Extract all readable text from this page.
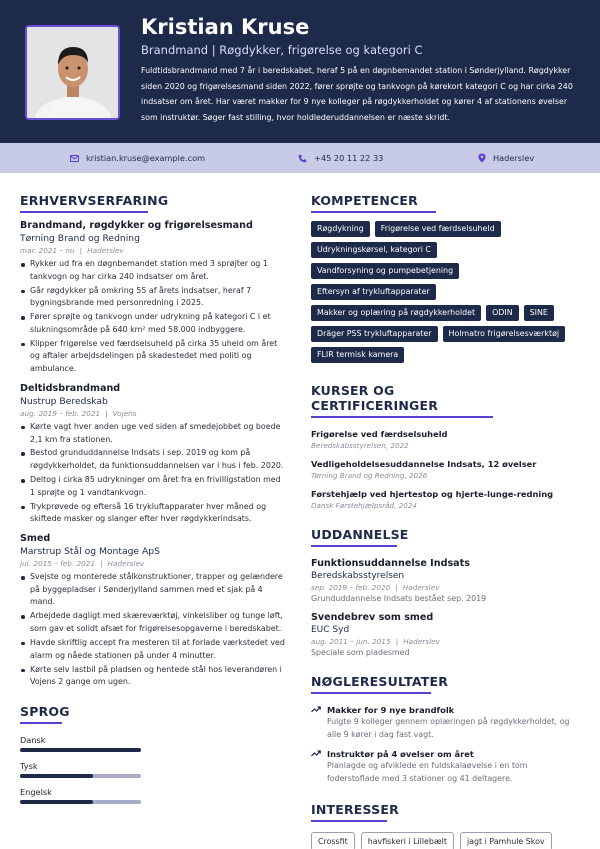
Kristian Kruse
Brandmand | Røgdykker, frigørelse og kategori C
Fuldtidsbrandmand med 7 år i beredskabet, heraf 5 på en døgnbemandet station i Sønderjylland. Røgdykker siden 2020 og frigørelsesmand siden 2022, fører sprøjte og tankvogn på kørekort kategori C og har cirka 240 indsatser om året. Har været makker for 9 nye kolleger på røgdykkerholdet og kører 4 af stationens øvelser som instruktør. Søger fast stilling, hvor holdlederuddannelsen er næste skridt.
kristian.kruse@example.com	+45 20 11 22 33	Haderslev
ERHVERVSERFARING
Brandmand, røgdykker og frigørelsesmand
Tørning Brand og Redning
mar. 2021 – nu | Haderslev
Rykker ud fra en døgnbemandet station med 3 sprøjter og 1 tankvogn og har cirka 240 indsatser om året.
Går røgdykker på omkring 55 af årets indsatser, heraf 7 bygningsbrande med personredning i 2025.
Fører sprøjte og tankvogn under udrykning på kategori C i et slukningsområde på 640 km² med 58.000 indbyggere.
Klipper frigørelse ved færdselsuheld på cirka 35 uheld om året og aftaler arbejdsdelingen på skadestedet med politi og ambulance.
Deltidsbrandmand
Nustrup Beredskab
aug. 2019 – feb. 2021 | Vojens
Kørte vagt hver anden uge ved siden af smedejobbet og boede 2,1 km fra stationen.
Bestod grunduddannelse Indsats i sep. 2019 og kom på røgdykkerholdet, da funktionsuddannelsen var i hus i feb. 2020.
Deltog i cirka 85 udrykninger om året fra en frivilligstation med 1 sprøjte og 1 vandtankvogn.
Trykprøvede og efterså 16 trykluftapparater hver måned og skiftede masker og slanger efter hver røgdykkerindsats.
Smed
Marstrup Stål og Montage ApS
jul. 2015 – feb. 2021 | Haderslev
Svejste og monterede stålkonstruktioner, trapper og gelændere på byggepladser i Sønderjylland sammen med et sjak på 4 mand.
Arbejdede dagligt med skæreværktøj, vinkelsliber og tunge løft, som gav et solidt afsæt for frigørelsesopgaverne i beredskabet.
Havde skriftlig accept fra mesteren til at forlade værkstedet ved alarm og nåede stationen på under 4 minutter.
Kørte selv lastbil på pladsen og hentede stål hos leverandøren i Vojens 2 gange om ugen.
SPROG
Dansk
Tysk
Engelsk
KOMPETENCER
Røgdykning	Frigørelse ved færdselsuheld
Udrykningskørsel, kategori C
Vandforsyning og pumpebetjening
Eftersyn af trykluftapparater
Makker og oplæring på røgdykkerholdet	ODIN	SINE
Dräger PSS trykluftapparater	Holmatro frigørelsesværktøj
FLIR termisk kamera
KURSER OG CERTIFICERINGER
Frigørelse ved færdselsuheld
Beredskabsstyrelsen, 2022
Vedligeholdelsesuddannelse Indsats, 12 øvelser
Tørning Brand og Redning, 2026
Førstehjælp ved hjertestop og hjerte-lunge-redning
Dansk Førstehjælpsråd, 2024
UDDANNELSE
Funktionsuddannelse Indsats
Beredskabsstyrelsen
sep. 2019 – feb. 2020 | Haderslev
Grunduddannelse Indsats bestået sep. 2019
Svendebrev som smed
EUC Syd
aug. 2011 – jun. 2015 | Haderslev
Speciale som pladesmed
NØGLERESULTATER
Makker for 9 nye brandfolk
Fulgte 9 kolleger gennem oplæringen på røgdykkerholdet, og alle 9 kører i dag fast vagt.
Instruktør på 4 øvelser om året
Planlagde og afviklede en fuldskalaøvelse i en tom foderstoflade med 3 stationer og 41 deltagere.
INTERESSER
Crossfit	havfiskeri i Lillebælt	jagt i Pamhule Skov
